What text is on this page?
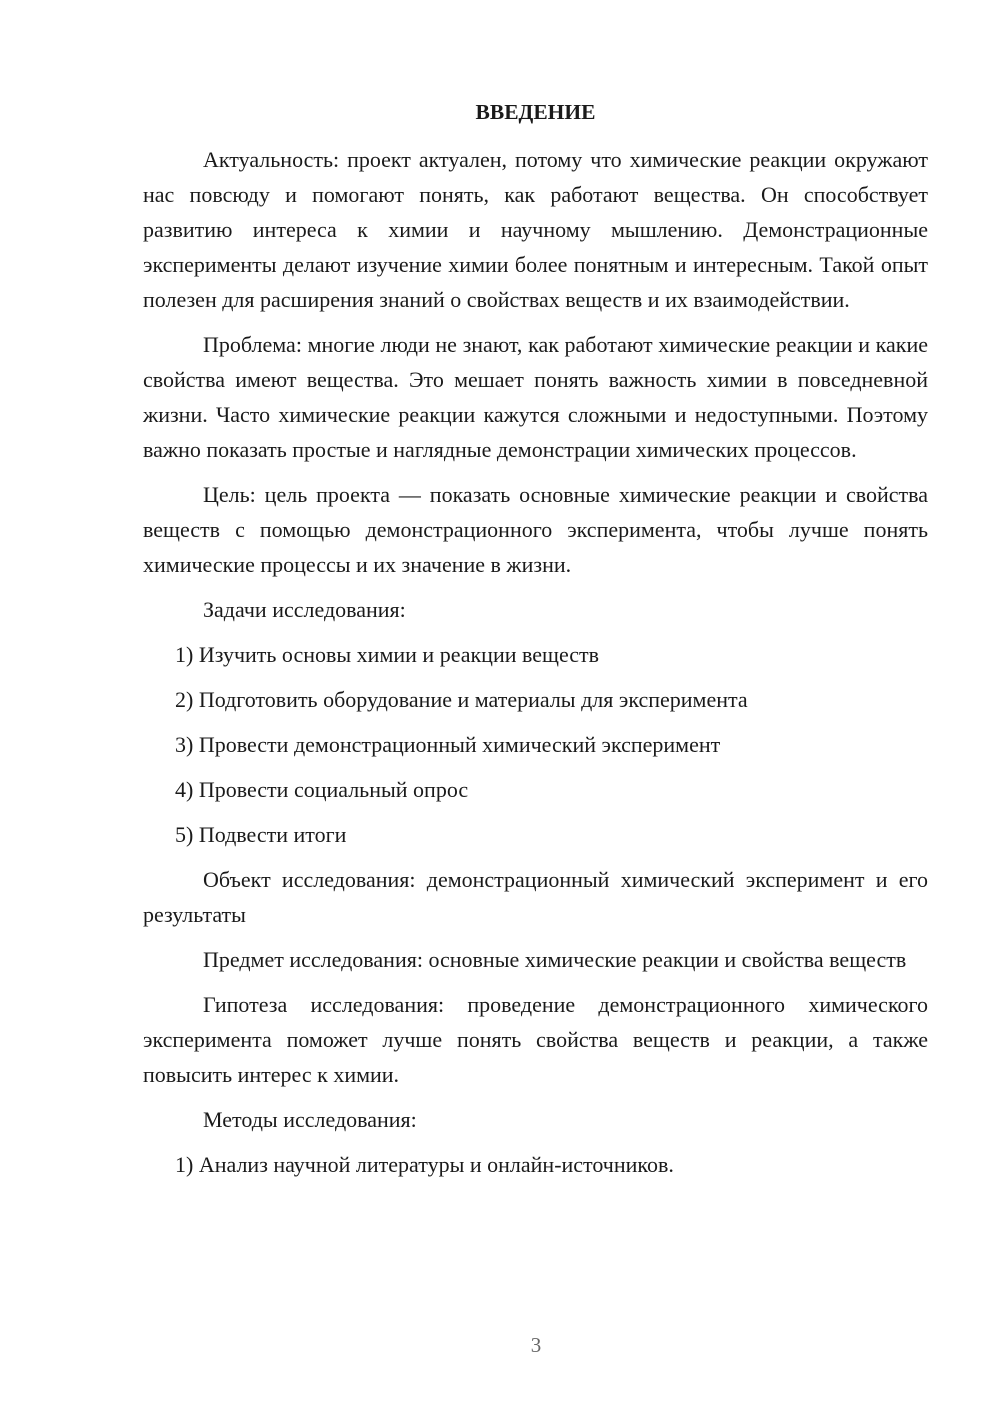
ВВЕДЕНИЕ

Актуальность: проект актуален, потому что химические реакции окружают нас повсюду и помогают понять, как работают вещества. Он способствует развитию интереса к химии и научному мышлению. Демонстрационные эксперименты делают изучение химии более понятным и интересным. Такой опыт полезен для расширения знаний о свойствах веществ и их взаимодействии.

Проблема: многие люди не знают, как работают химические реакции и какие свойства имеют вещества. Это мешает понять важность химии в повседневной жизни. Часто химические реакции кажутся сложными и недоступными. Поэтому важно показать простые и наглядные демонстрации химических процессов.

Цель: цель проекта — показать основные химические реакции и свойства веществ с помощью демонстрационного эксперимента, чтобы лучше понять химические процессы и их значение в жизни.

Задачи исследования:

1) Изучить основы химии и реакции веществ

2) Подготовить оборудование и материалы для эксперимента

3) Провести демонстрационный химический эксперимент

4) Провести социальный опрос

5) Подвести итоги

Объект исследования: демонстрационный химический эксперимент и его результаты

Предмет исследования: основные химические реакции и свойства веществ

Гипотеза исследования: проведение демонстрационного химического эксперимента поможет лучше понять свойства веществ и реакции, а также повысить интерес к химии.

Методы исследования:

1) Анализ научной литературы и онлайн-источников.

3
